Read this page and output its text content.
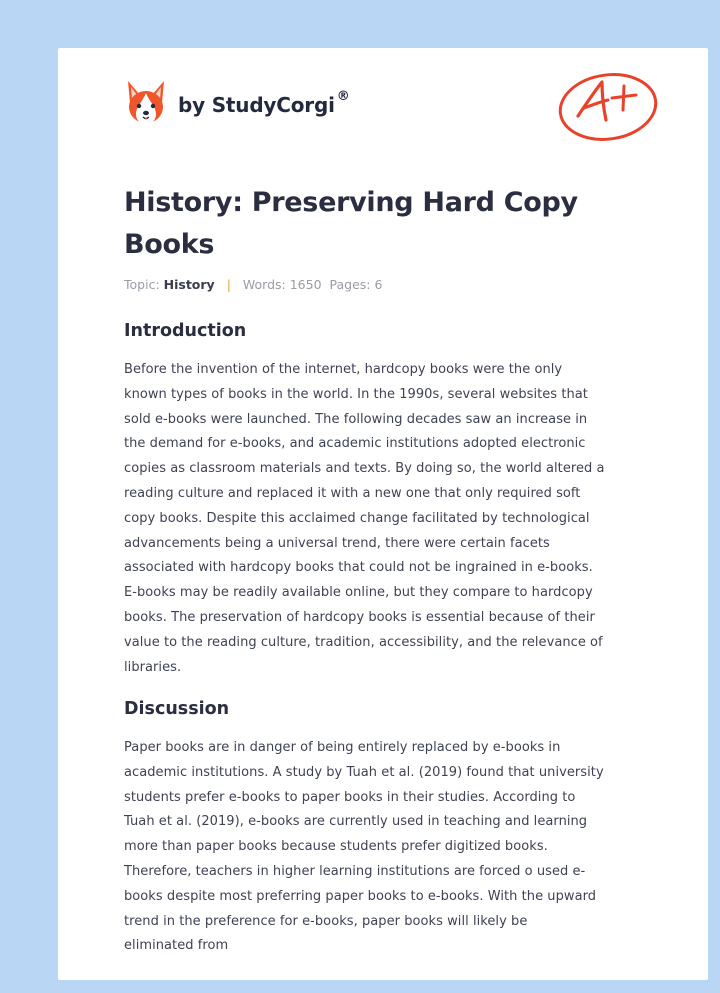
by StudyCorgi ®
History: Preserving Hard Copy Books
Topic: History | Words: 1650 Pages: 6
Introduction
Before the invention of the internet, hardcopy books were the only
known types of books in the world. In the 1990s, several websites that
sold e-books were launched. The following decades saw an increase in
the demand for e-books, and academic institutions adopted electronic
copies as classroom materials and texts. By doing so, the world altered a
reading culture and replaced it with a new one that only required soft
copy books. Despite this acclaimed change facilitated by technological
advancements being a universal trend, there were certain facets
associated with hardcopy books that could not be ingrained in e-books.
E-books may be readily available online, but they compare to hardcopy
books. The preservation of hardcopy books is essential because of their
value to the reading culture, tradition, accessibility, and the relevance of
libraries.
Discussion
Paper books are in danger of being entirely replaced by e-books in
academic institutions. A study by Tuah et al. (2019) found that university
students prefer e-books to paper books in their studies. According to
Tuah et al. (2019), e-books are currently used in teaching and learning
more than paper books because students prefer digitized books.
Therefore, teachers in higher learning institutions are forced o used e-
books despite most preferring paper books to e-books. With the upward
trend in the preference for e-books, paper books will likely be
eliminated from
